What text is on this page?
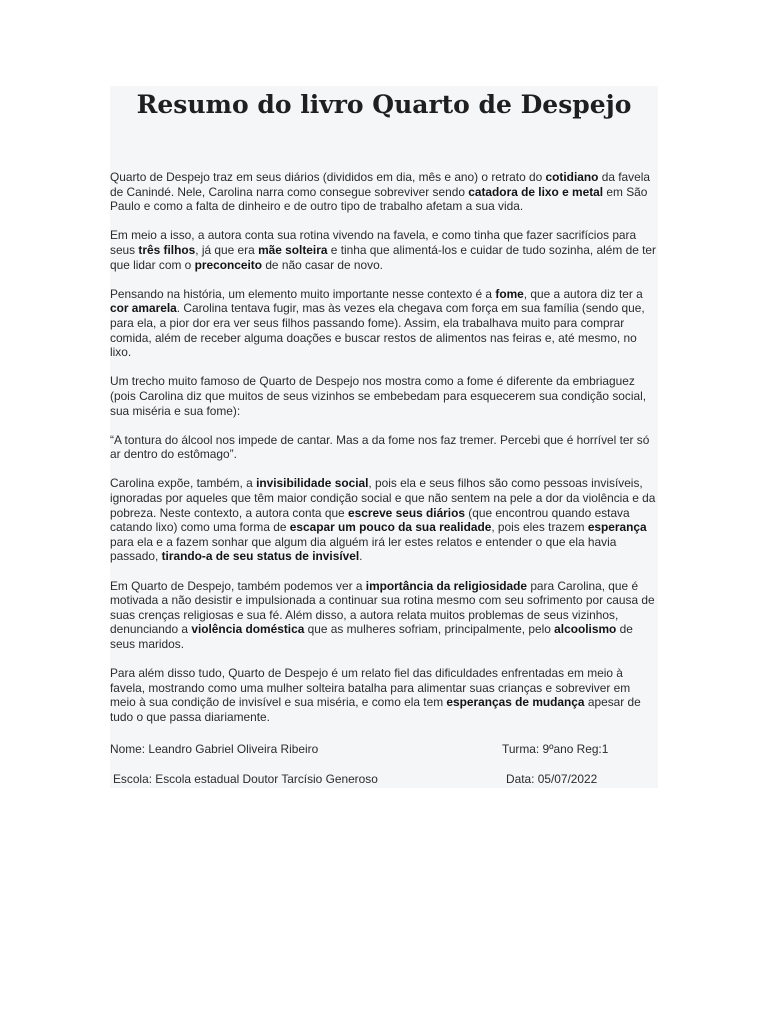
Resumo do livro Quarto de Despejo

Quarto de Despejo traz em seus diários (divididos em dia, mês e ano) o retrato do cotidiano da favela de Canindé. Nele, Carolina narra como consegue sobreviver sendo catadora de lixo e metal em São Paulo e como a falta de dinheiro e de outro tipo de trabalho afetam a sua vida.

Em meio a isso, a autora conta sua rotina vivendo na favela, e como tinha que fazer sacrifícios para seus três filhos, já que era mãe solteira e tinha que alimentá-los e cuidar de tudo sozinha, além de ter que lidar com o preconceito de não casar de novo.

Pensando na história, um elemento muito importante nesse contexto é a fome, que a autora diz ter a cor amarela. Carolina tentava fugir, mas às vezes ela chegava com força em sua família (sendo que, para ela, a pior dor era ver seus filhos passando fome). Assim, ela trabalhava muito para comprar comida, além de receber alguma doações e buscar restos de alimentos nas feiras e, até mesmo, no lixo.

Um trecho muito famoso de Quarto de Despejo nos mostra como a fome é diferente da embriaguez (pois Carolina diz que muitos de seus vizinhos se embebedam para esquecerem sua condição social, sua miséria e sua fome):

“A tontura do álcool nos impede de cantar. Mas a da fome nos faz tremer. Percebi que é horrível ter só ar dentro do estômago”.

Carolina expõe, também, a invisibilidade social, pois ela e seus filhos são como pessoas invisíveis, ignoradas por aqueles que têm maior condição social e que não sentem na pele a dor da violência e da pobreza. Neste contexto, a autora conta que escreve seus diários (que encontrou quando estava catando lixo) como uma forma de escapar um pouco da sua realidade, pois eles trazem esperança para ela e a fazem sonhar que algum dia alguém irá ler estes relatos e entender o que ela havia passado, tirando-a de seu status de invisível.

Em Quarto de Despejo, também podemos ver a importância da religiosidade para Carolina, que é motivada a não desistir e impulsionada a continuar sua rotina mesmo com seu sofrimento por causa de suas crenças religiosas e sua fé. Além disso, a autora relata muitos problemas de seus vizinhos, denunciando a violência doméstica que as mulheres sofriam, principalmente, pelo alcoolismo de seus maridos.

Para além disso tudo, Quarto de Despejo é um relato fiel das dificuldades enfrentadas em meio à favela, mostrando como uma mulher solteira batalha para alimentar suas crianças e sobreviver em meio à sua condição de invisível e sua miséria, e como ela tem esperanças de mudança apesar de tudo o que passa diariamente.

Nome: Leandro Gabriel Oliveira Ribeiro	Turma: 9ºano Reg:1
Escola: Escola estadual Doutor Tarcísio Generoso	Data: 05/07/2022
